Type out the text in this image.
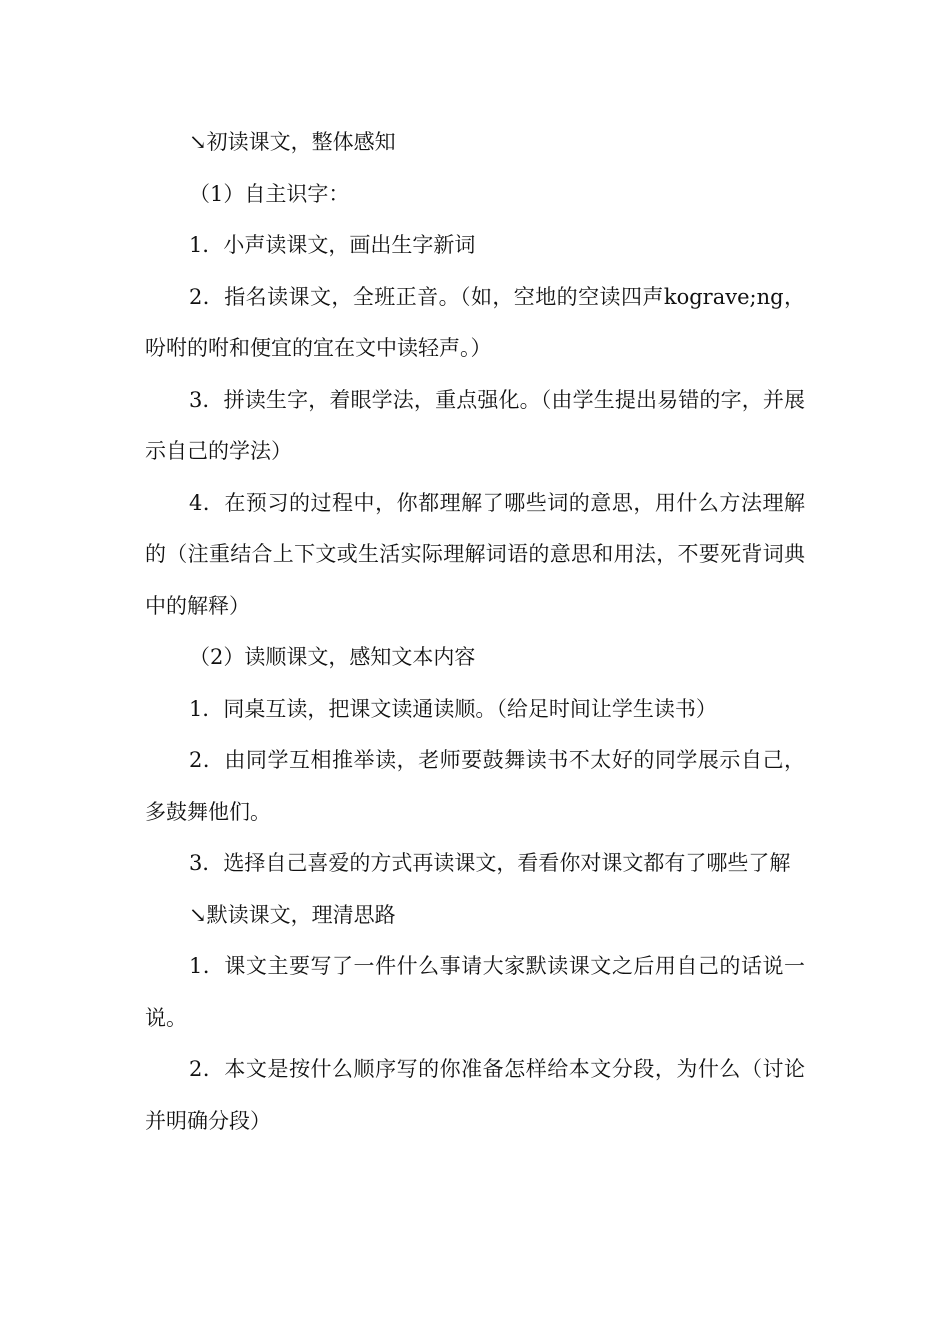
↘初读课文，整体感知

（1）自主识字：

1．小声读课文，画出生字新词

2．指名读课文，全班正音。（如，空地的空读四声kograve;ng，吩咐的咐和便宜的宜在文中读轻声。）

3．拼读生字，着眼学法，重点强化。（由学生提出易错的字，并展示自己的学法）

4．在预习的过程中，你都理解了哪些词的意思，用什么方法理解的（注重结合上下文或生活实际理解词语的意思和用法，不要死背词典中的解释）

（2）读顺课文，感知文本内容

1．同桌互读，把课文读通读顺。（给足时间让学生读书）

2．由同学互相推举读，老师要鼓舞读书不太好的同学展示自己，多鼓舞他们。

3．选择自己喜爱的方式再读课文，看看你对课文都有了哪些了解

↘默读课文，理清思路

1．课文主要写了一件什么事请大家默读课文之后用自己的话说一说。

2．本文是按什么顺序写的你准备怎样给本文分段，为什么（讨论并明确分段）
